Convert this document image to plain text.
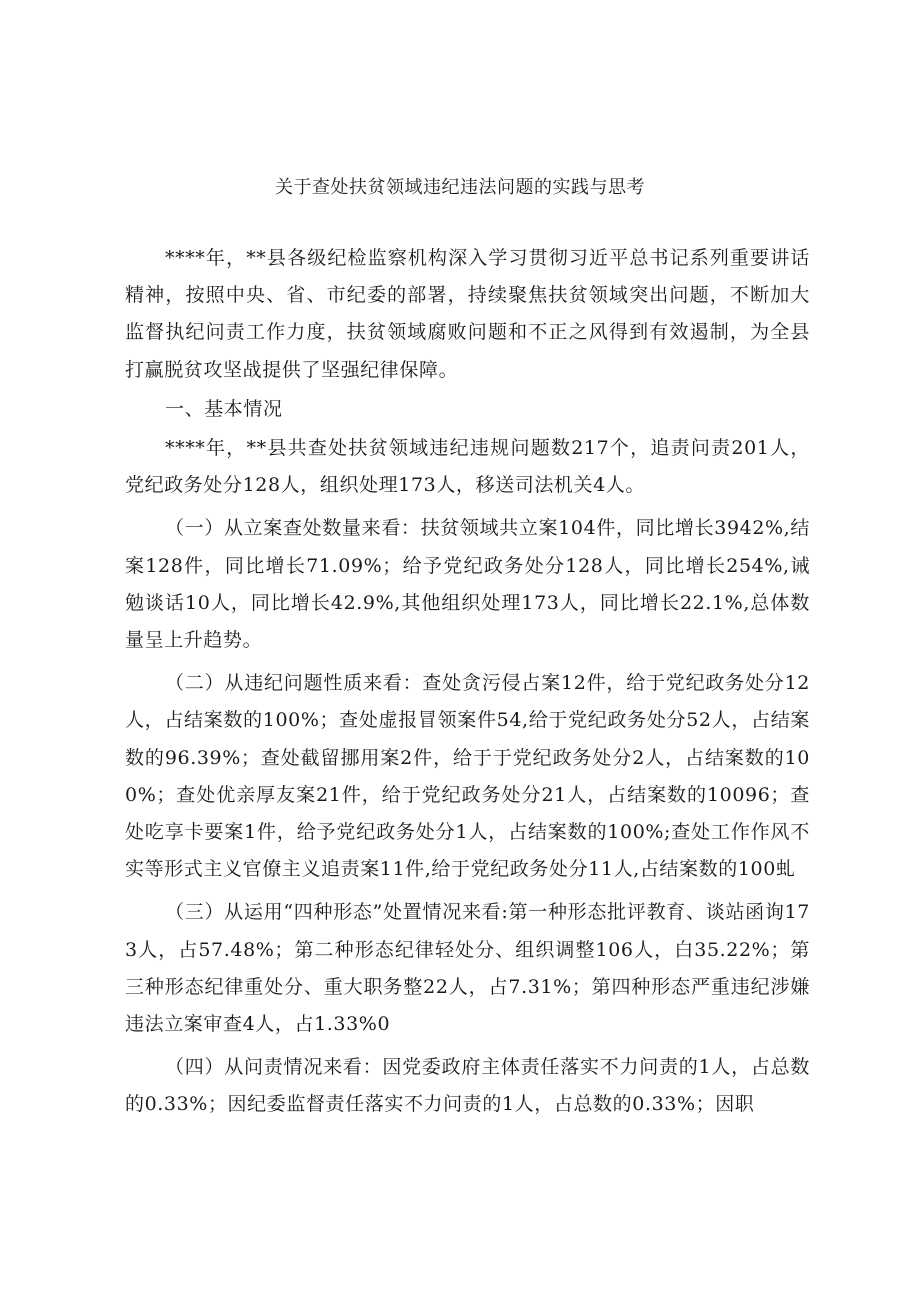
关于查处扶贫领域违纪违法问题的实践与思考

****年，**县各级纪检监察机构深入学习贯彻习近平总书记系列重要讲话精神，按照中央、省、市纪委的部署，持续聚焦扶贫领域突出问题，不断加大监督执纪问责工作力度，扶贫领域腐败问题和不正之风得到有效遏制，为全县打赢脱贫攻坚战提供了坚强纪律保障。

一、基本情况

****年，**县共查处扶贫领域违纪违规问题数217个，追责问责201人，党纪政务处分128人，组织处理173人，移送司法机关4人。

（一）从立案查处数量来看：扶贫领域共立案104件，同比增长3942%,结案128件，同比增长71.09%；给予党纪政务处分128人，同比增长254%,诫勉谈话10人，同比增长42.9%,其他组织处理173人，同比增长22.1%,总体数量呈上升趋势。

（二）从违纪问题性质来看：查处贪污侵占案12件，给于党纪政务处分12人，占结案数的100%；查处虚报冒领案件54,给于党纪政务处分52人，占结案数的96.39%；查处截留挪用案2件，给于于党纪政务处分2人，占结案数的100%；查处优亲厚友案21件，给于党纪政务处分21人，占结案数的10096；查处吃享卡要案1件，给予党纪政务处分1人，占结案数的100%;查处工作作风不实等形式主义官僚主义追责案11件,给于党纪政务处分11人,占结案数的100虬

（三）从运用“四种形态”处置情况来看:第一种形态批评教育、谈站函询173人，占57.48%；第二种形态纪律轻处分、组织调整106人，白35.22%；第三种形态纪律重处分、重大职务整22人，占7.31%；第四种形态严重违纪涉嫌违法立案审查4人，占1.33%0

（四）从问责情况来看：因党委政府主体责任落实不力问责的1人，占总数的0.33%；因纪委监督责任落实不力问责的1人，占总数的0.33%；因职
